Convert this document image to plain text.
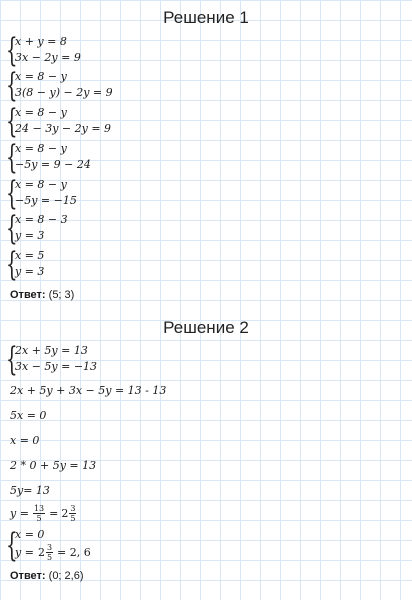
Решение 1
{
x + y = 8
3x − 2y = 9
{
x = 8 − y
3(8 − y) − 2y = 9
{
x = 8 − y
24 − 3y − 2y = 9
{
x = 8 − y
−5y = 9 − 24
{
x = 8 − y
−5y = −15
{
x = 8 − 3
y = 3
{
x = 5
y = 3
Ответ: (5; 3)
Решение 2
{
2x + 5y = 13
3x − 5y = −13
2x + 5y + 3x − 5y = 13 - 13
5x = 0
x = 0
2 * 0 + 5y = 13
5y= 13
$y = \frac{13}{5} = 2 \frac{3}{5}$
{
x = 0
$y = 2 \frac{3}{5} = 2$, 6
Ответ: (0; 2,6)
